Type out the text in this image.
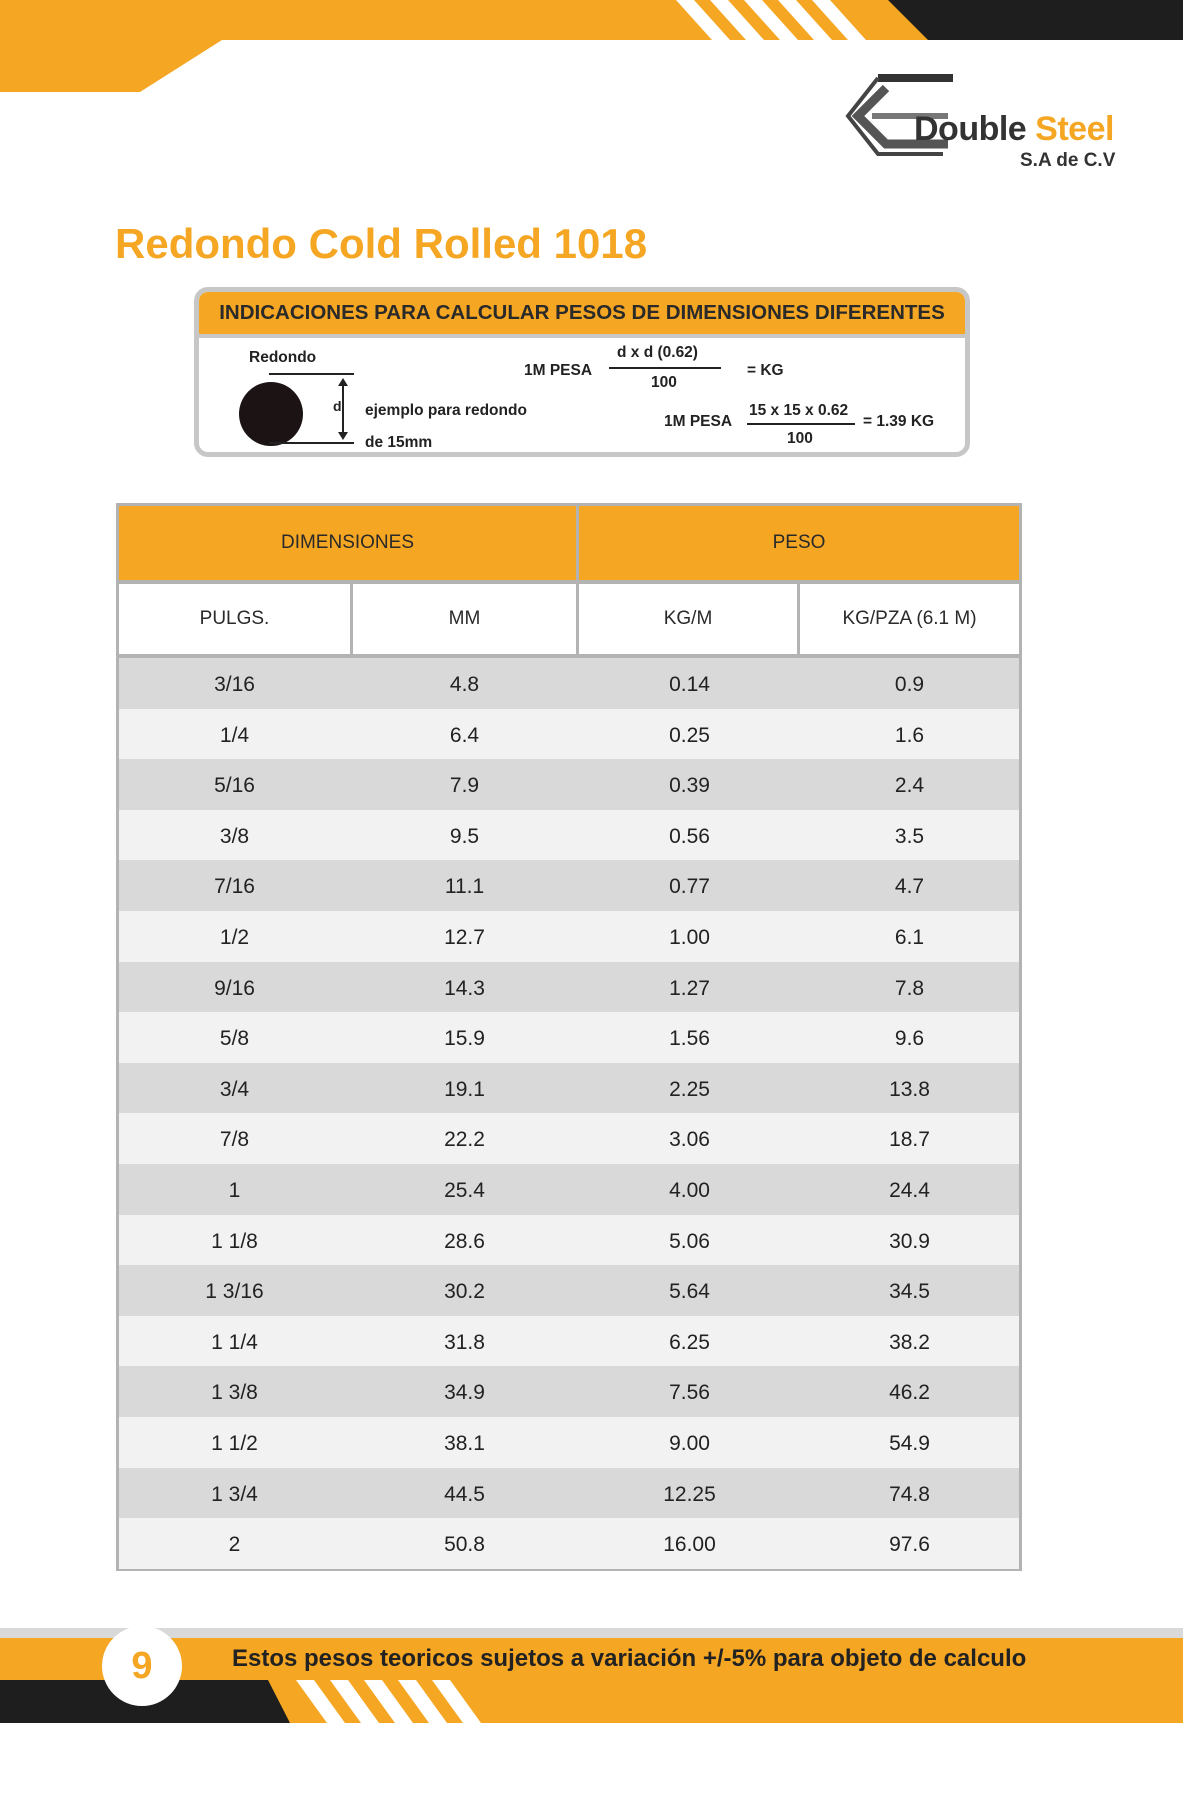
Double Steel
S.A de C.V
Redondo Cold Rolled 1018
INDICACIONES PARA CALCULAR PESOS DE DIMENSIONES DIFERENTES
Redondo
d ejemplo para redondo
de 15mm
1M PESA
d x d (0.62)
100
= KG
1M PESA
15 x 15 x 0.62
100
= 1.39 KG
DIMENSIONES	PESO
PULGS.	MM	KG/M	KG/PZA (6.1 M)
3/16	4.8	0.14	0.9
1/4	6.4	0.25	1.6
5/16	7.9	0.39	2.4
3/8	9.5	0.56	3.5
7/16	11.1	0.77	4.7
1/2	12.7	1.00	6.1
9/16	14.3	1.27	7.8
5/8	15.9	1.56	9.6
3/4	19.1	2.25	13.8
7/8	22.2	3.06	18.7
1	25.4	4.00	24.4
1 1/8	28.6	5.06	30.9
1 3/16	30.2	5.64	34.5
1 1/4	31.8	6.25	38.2
1 3/8	34.9	7.56	46.2
1 1/2	38.1	9.00	54.9
1 3/4	44.5	12.25	74.8
2	50.8	16.00	97.6
9	Estos pesos teoricos sujetos a variación +/-5% para objeto de calculo
